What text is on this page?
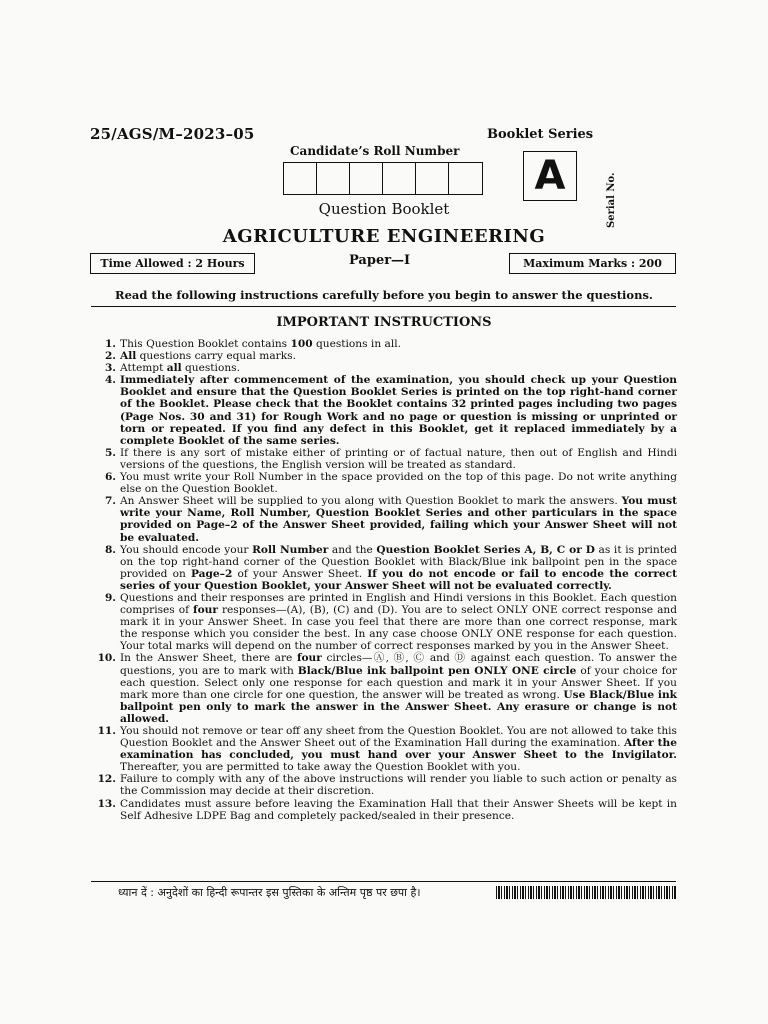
25/AGS/M–2023–05	Booklet Series
Candidate’s Roll Number
A	Serial No.
Question Booklet
AGRICULTURE ENGINEERING
Time Allowed : 2 Hours	Paper—I	Maximum Marks : 200
Read the following instructions carefully before you begin to answer the questions.
IMPORTANT INSTRUCTIONS
1. This Question Booklet contains 100 questions in all.
2. All questions carry equal marks.
3. Attempt all questions.
4. Immediately after commencement of the examination, you should check up your Question Booklet and ensure that the Question Booklet Series is printed on the top right-hand corner of the Booklet. Please check that the Booklet contains 32 printed pages including two pages (Page Nos. 30 and 31) for Rough Work and no page or question is missing or unprinted or torn or repeated. If you find any defect in this Booklet, get it replaced immediately by a complete Booklet of the same series.
5. If there is any sort of mistake either of printing or of factual nature, then out of English and Hindi versions of the questions, the English version will be treated as standard.
6. You must write your Roll Number in the space provided on the top of this page. Do not write anything else on the Question Booklet.
7. An Answer Sheet will be supplied to you along with Question Booklet to mark the answers. You must write your Name, Roll Number, Question Booklet Series and other particulars in the space provided on Page–2 of the Answer Sheet provided, failing which your Answer Sheet will not be evaluated.
8. You should encode your Roll Number and the Question Booklet Series A, B, C or D as it is printed on the top right-hand corner of the Question Booklet with Black/Blue ink ballpoint pen in the space provided on Page–2 of your Answer Sheet. If you do not encode or fail to encode the correct series of your Question Booklet, your Answer Sheet will not be evaluated correctly.
9. Questions and their responses are printed in English and Hindi versions in this Booklet. Each question comprises of four responses—(A), (B), (C) and (D). You are to select ONLY ONE correct response and mark it in your Answer Sheet. In case you feel that there are more than one correct response, mark the response which you consider the best. In any case choose ONLY ONE response for each question. Your total marks will depend on the number of correct responses marked by you in the Answer Sheet.
10. In the Answer Sheet, there are four circles—Ⓐ, Ⓑ, Ⓒ and Ⓓ against each question. To answer the questions, you are to mark with Black/Blue ink ballpoint pen ONLY ONE circle of your choice for each question. Select only one response for each question and mark it in your Answer Sheet. If you mark more than one circle for one question, the answer will be treated as wrong. Use Black/Blue ink ballpoint pen only to mark the answer in the Answer Sheet. Any erasure or change is not allowed.
11. You should not remove or tear off any sheet from the Question Booklet. You are not allowed to take this Question Booklet and the Answer Sheet out of the Examination Hall during the examination. After the examination has concluded, you must hand over your Answer Sheet to the Invigilator. Thereafter, you are permitted to take away the Question Booklet with you.
12. Failure to comply with any of the above instructions will render you liable to such action or penalty as the Commission may decide at their discretion.
13. Candidates must assure before leaving the Examination Hall that their Answer Sheets will be kept in Self Adhesive LDPE Bag and completely packed/sealed in their presence.
ध्यान दें : अनुदेशों का हिन्दी रूपान्तर इस पुस्तिका के अन्तिम पृष्ठ पर छपा है।
